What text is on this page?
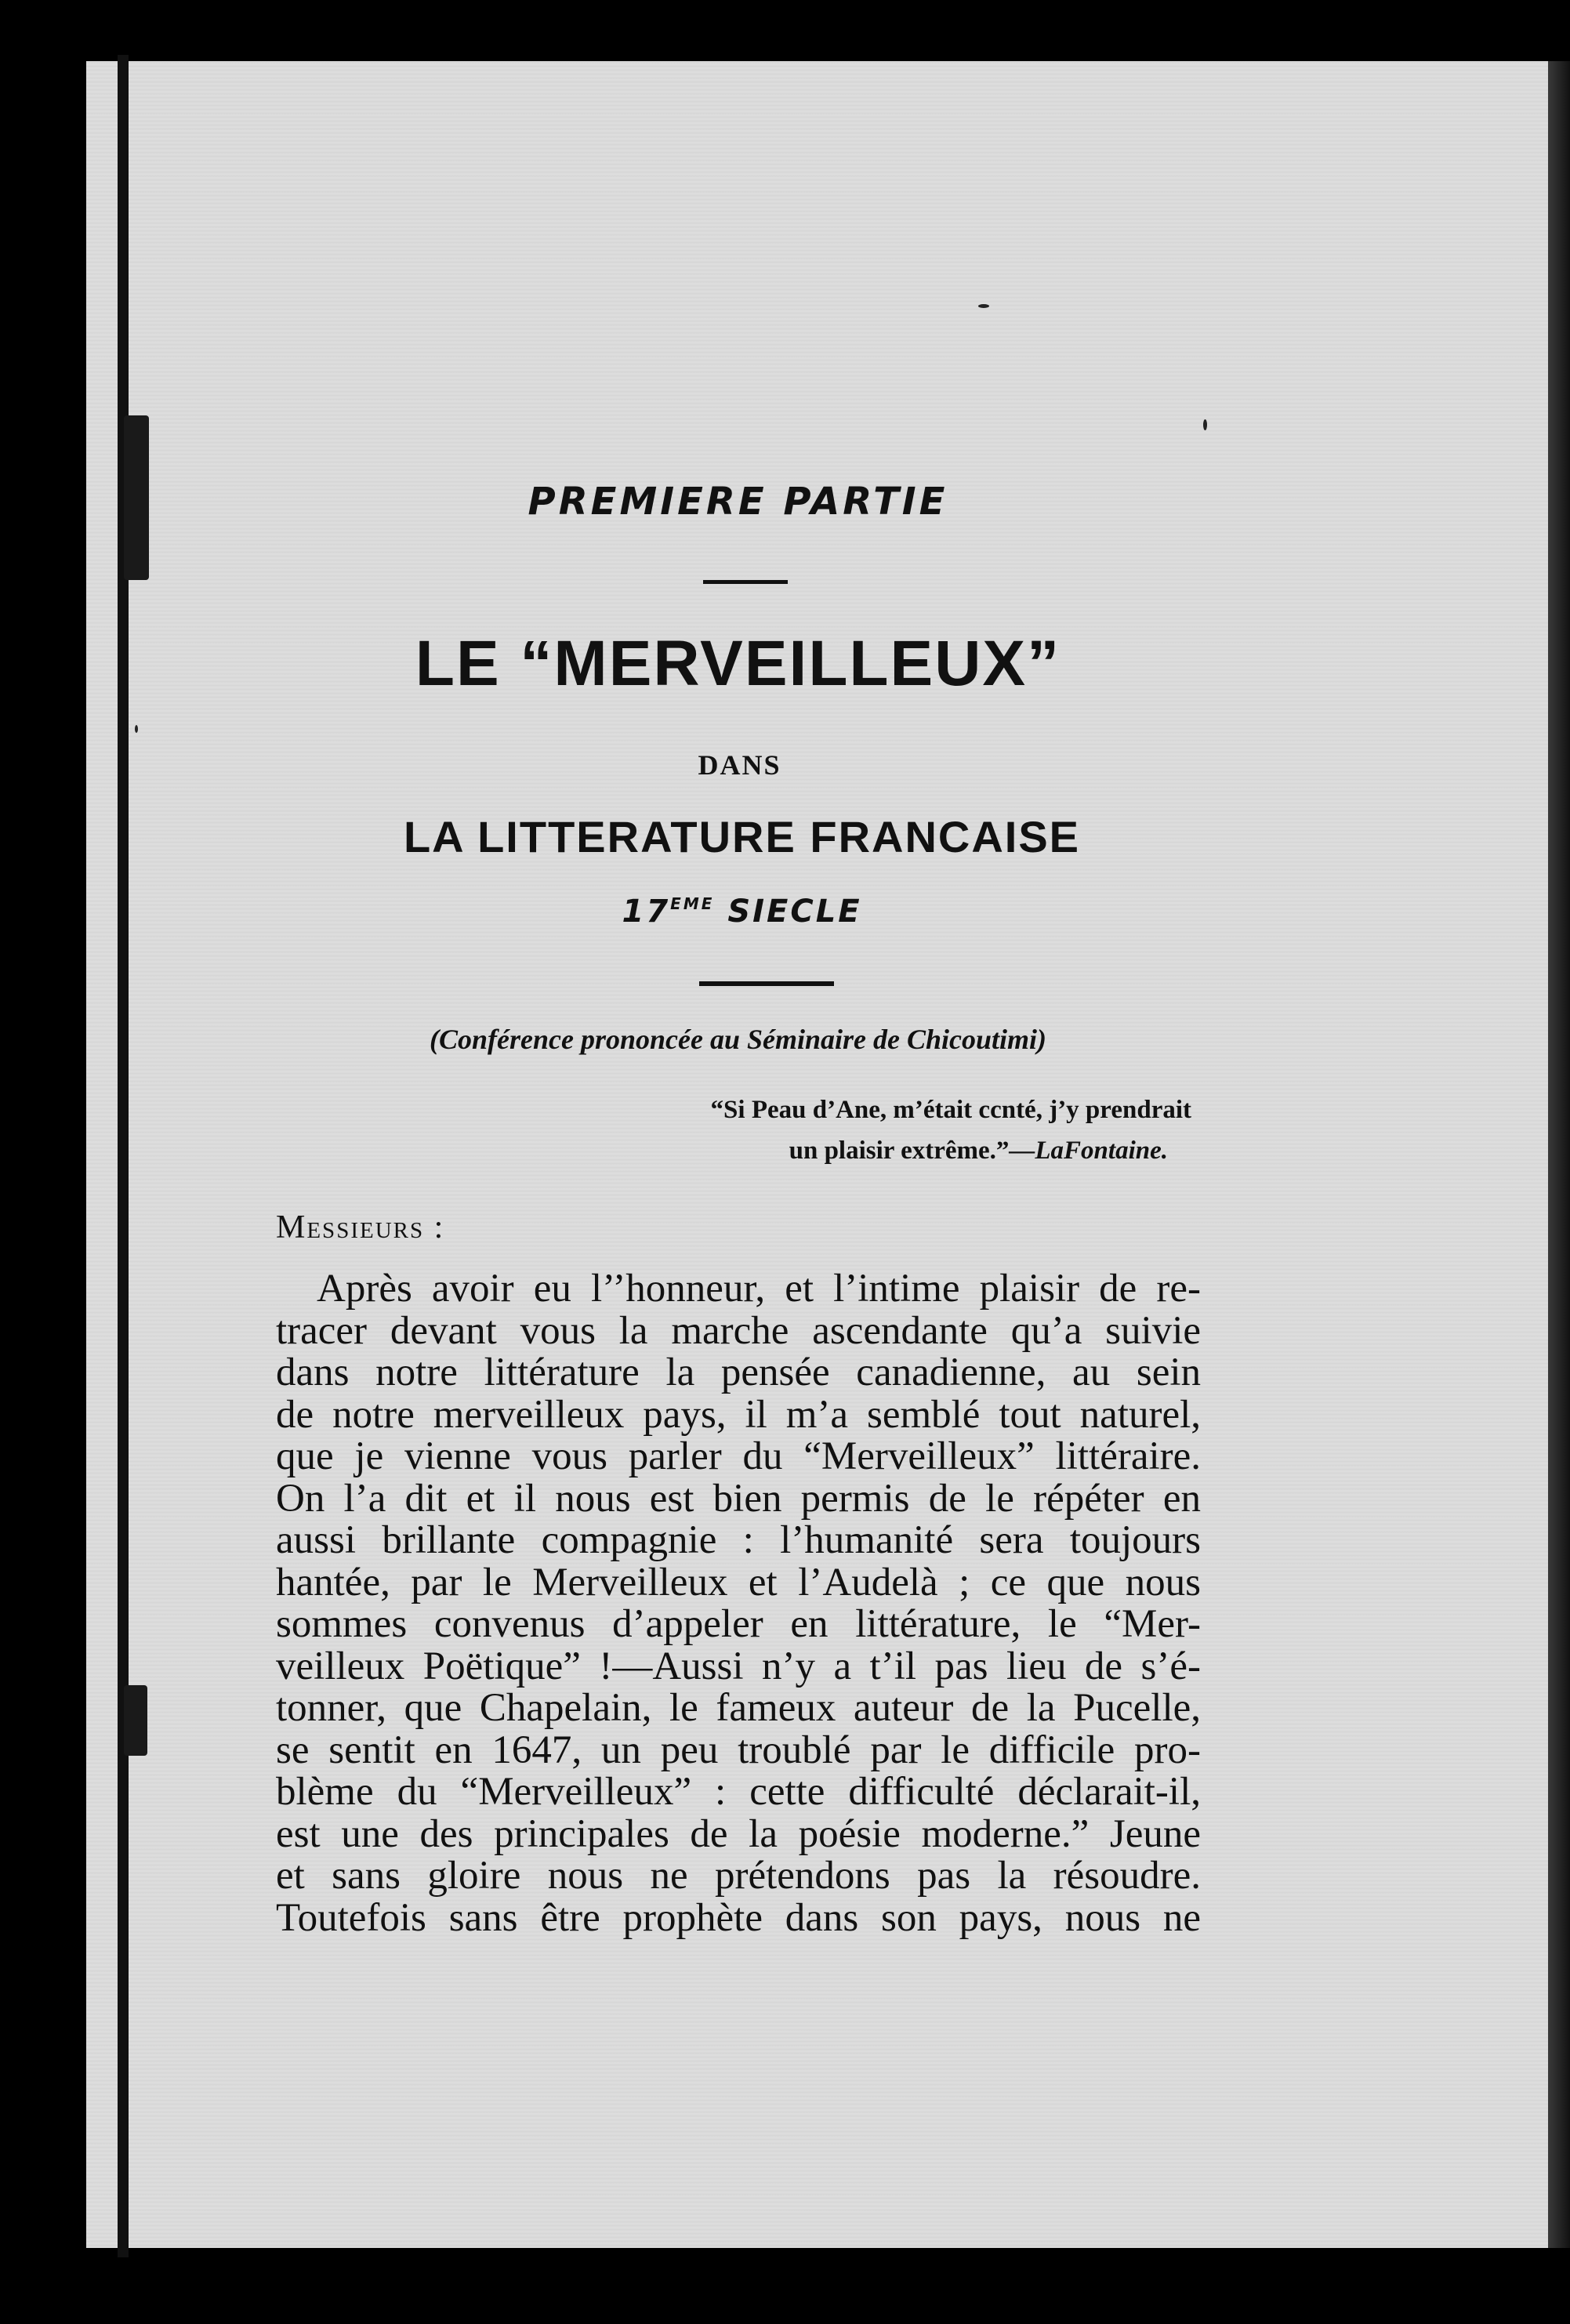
PREMIERE PARTIE
LE “MERVEILLEUX”
DANS
LA LITTERATURE FRANCAISE
17EME SIECLE
(Conférence prononcée au Séminaire de Chicoutimi)
“Si Peau d’Ane, m’était ccnté, j’y prendrait
un plaisir extrême.”—LaFontaine.
Messieurs :
Après avoir eu l’’honneur, et l’intime plaisir de re-
tracer devant vous la marche ascendante qu’a suivie
dans notre littérature la pensée canadienne, au sein
de notre merveilleux pays, il m’a semblé tout naturel,
que je vienne vous parler du “Merveilleux” littéraire.
On l’a dit et il nous est bien permis de le répéter en
aussi brillante compagnie : l’humanité sera toujours
hantée, par le Merveilleux et l’Audelà ; ce que nous
sommes convenus d’appeler en littérature, le “Mer-
veilleux Poëtique” !—Aussi n’y a t’il pas lieu de s’é-
tonner, que Chapelain, le fameux auteur de la Pucelle,
se sentit en 1647, un peu troublé par le difficile pro-
blème du “Merveilleux” : cette difficulté déclarait-il,
est une des principales de la poésie moderne.” Jeune
et sans gloire nous ne prétendons pas la résoudre.
Toutefois sans être prophète dans son pays, nous ne
